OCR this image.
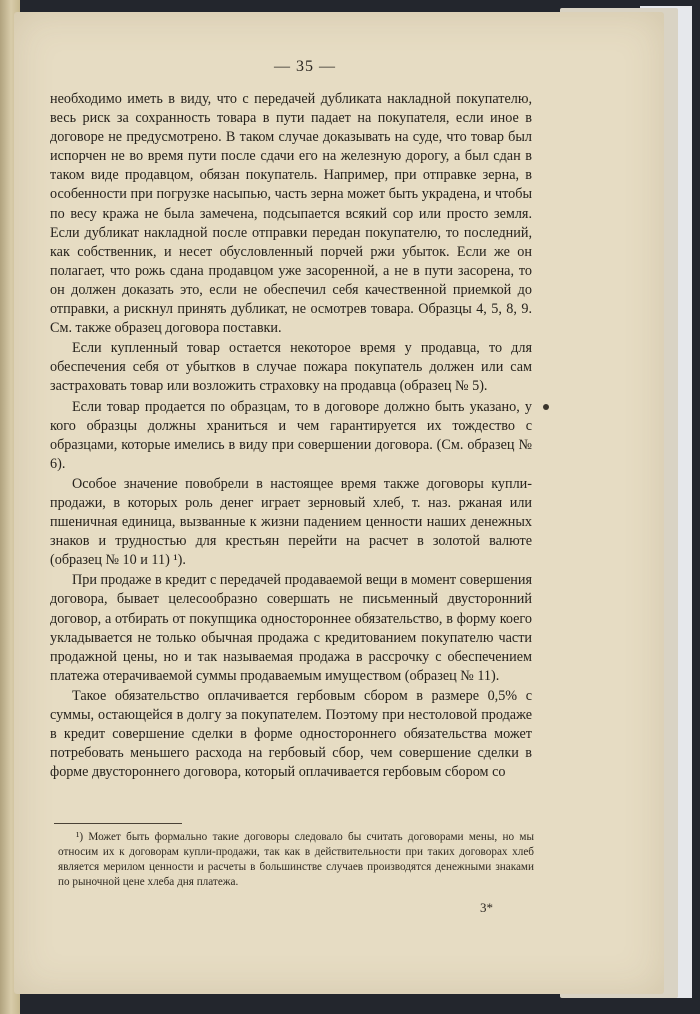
— 35 —

необходимо иметь в виду, что с передачей дубликата накладной покупателю, весь риск за сохранность товара в пути падает на покупателя, если иное в договоре не предусмотрено. В таком случае доказывать на суде, что товар был испорчен не во время пути после сдачи его на железную дорогу, а был сдан в таком виде продавцом, обязан покупатель. Например, при отправке зерна, в особенности при погрузке насыпью, часть зерна может быть украдена, и чтобы по весу кража не была замечена, подсыпается всякий сор или просто земля. Если дубликат накладной после отправки передан покупателю, то последний, как собственник, и несет обусловленный порчей ржи убыток. Если же он полагает, что рожь сдана продавцом уже засоренной, а не в пути засорена, то он должен доказать это, если не обеспечил себя качественной приемкой до отправки, а рискнул принять дубликат, не осмотрев товара. Образцы 4, 5, 8, 9. См. также образец договора поставки.

Если купленный товар остается некоторое время у продавца, то для обеспечения себя от убытков в случае пожара покупатель должен или сам застраховать товар или возложить страховку на продавца (образец № 5).

Если товар продается по образцам, то в договоре должно быть указано, у кого образцы должны храниться и чем гарантируется их тождество с образцами, которые имелись в виду при совершении договора. (См. образец № 6).

Особое значение повобрели в настоящее время также договоры купли-продажи, в которых роль денег играет зерновый хлеб, т. наз. ржаная или пшеничная единица, вызванные к жизни падением ценности наших денежных знаков и трудностью для крестьян перейти на расчет в золотой валюте (образец № 10 и 11) ¹).

При продаже в кредит с передачей продаваемой вещи в момент совершения договора, бывает целесообразно совершать не письменный двусторонний договор, а отбирать от покупщика одностороннее обязательство, в форму коего укладывается не только обычная продажа с кредитованием покупателю части продажной цены, но и так называемая продажа в рассрочку с обеспечением платежа отерачиваемой суммы продаваемым имуществом (образец № 11).

Такое обязательство оплачивается гербовым сбором в размере 0,5% с суммы, остающейся в долгу за покупателем. Поэтому при нестоловой продаже в кредит совершение сделки в форме одностороннего обязательства может потребовать меньшего расхода на гербовый сбор, чем совершение сделки в форме двустороннего договора, который оплачивается гербовым сбором со

¹) Может быть формально такие договоры следовало бы считать договорами мены, но мы относим их к договорам купли-продажи, так как в действительности при таких договорах хлеб является мерилом ценности и расчеты в большинстве случаев производятся денежными знаками по рыночной цене хлеба дня платежа.
3*
